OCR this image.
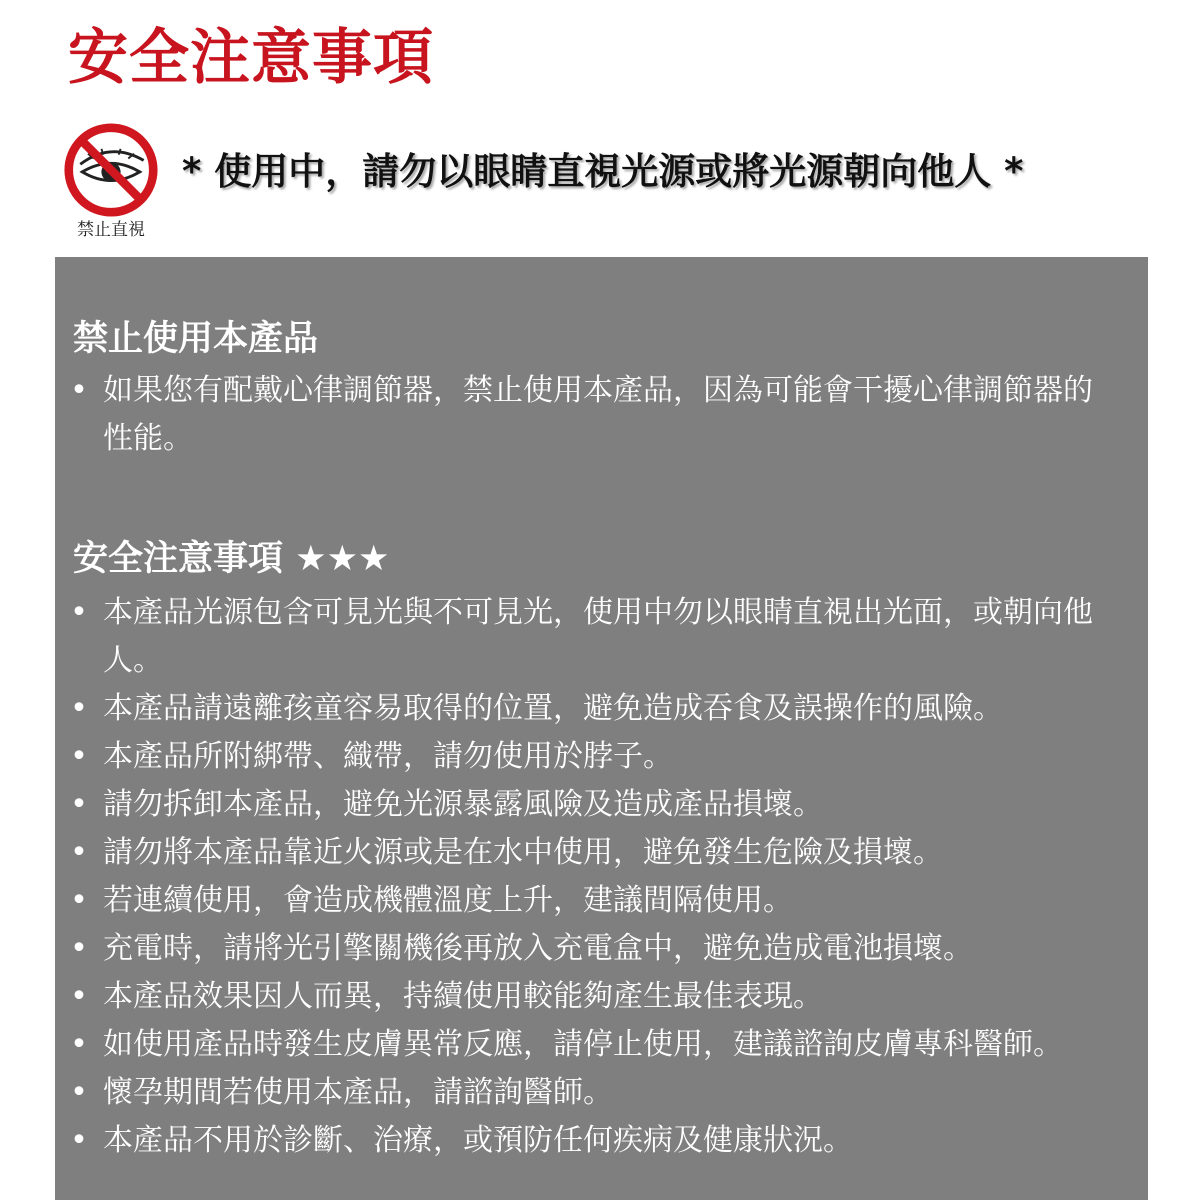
安全注意事項
禁止直視
* 使用中，請勿以眼睛直視光源或將光源朝向他人 *
禁止使用本產品
• 如果您有配戴心律調節器，禁止使用本產品，因為可能會干擾心律調節器的性能。
安全注意事項 ★★★
• 本產品光源包含可見光與不可見光，使用中勿以眼睛直視出光面，或朝向他人。
• 本產品請遠離孩童容易取得的位置，避免造成吞食及誤操作的風險。
• 本產品所附綁帶、織帶，請勿使用於脖子。
• 請勿拆卸本產品，避免光源暴露風險及造成產品損壞。
• 請勿將本產品靠近火源或是在水中使用，避免發生危險及損壞。
• 若連續使用，會造成機體溫度上升，建議間隔使用。
• 充電時，請將光引擎關機後再放入充電盒中，避免造成電池損壞。
• 本產品效果因人而異，持續使用較能夠產生最佳表現。
• 如使用產品時發生皮膚異常反應，請停止使用，建議諮詢皮膚專科醫師。
• 懷孕期間若使用本產品，請諮詢醫師。
• 本產品不用於診斷、治療，或預防任何疾病及健康狀況。
